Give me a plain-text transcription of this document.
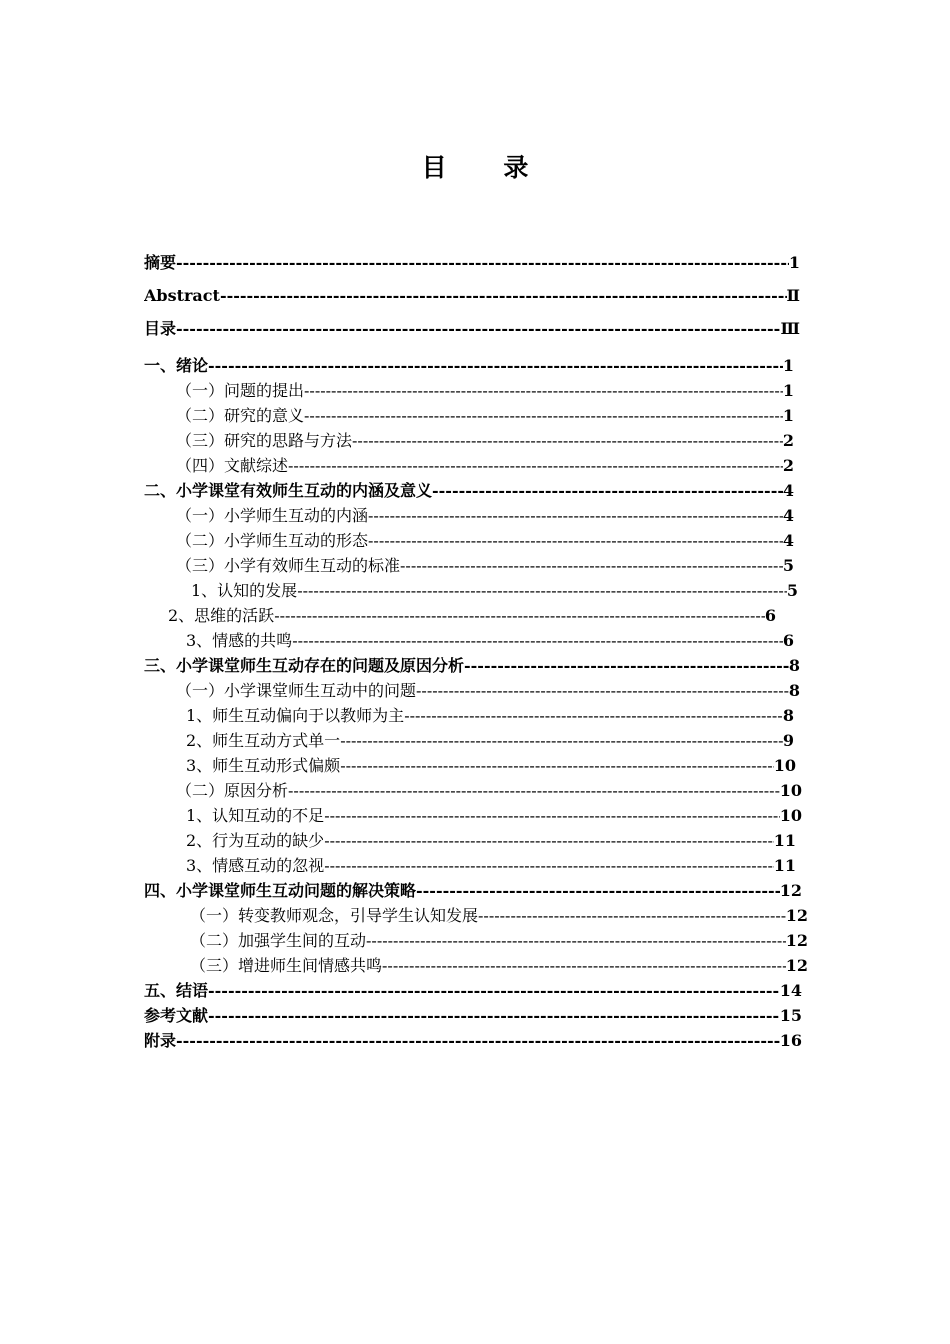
目 录
摘要 -----	1
Abstract -----	Ⅱ
目录 -----	Ⅲ
一、绪论 -----	1
（一）问题的提出 -----	1
（二）研究的意义 -----	1
（三）研究的思路与方法 -----	2
（四）文献综述 -----	2
二、小学课堂有效师生互动的内涵及意义 -----	4
（一）小学师生互动的内涵 -----	4
（二）小学师生互动的形态 -----	4
（三）小学有效师生互动的标准 -----	5
1、认知的发展 -----	5
2、思维的活跃 -----	6
3、情感的共鸣 -----	6
三、小学课堂师生互动存在的问题及原因分析 -----	8
（一）小学课堂师生互动中的问题 -----	8
1、师生互动偏向于以教师为主 -----	8
2、师生互动方式单一 -----	9
3、师生互动形式偏颇 -----	10
（二）原因分析 -----	10
1、认知互动的不足 -----	10
2、行为互动的缺少 -----	11
3、情感互动的忽视 -----	11
四、小学课堂师生互动问题的解决策略 -----	12
（一）转变教师观念，引导学生认知发展 -----	12
（二）加强学生间的互动 -----	12
（三）增进师生间情感共鸣 -----	12
五、结语 -----	14
参考文献 -----	15
附录 -----	16
